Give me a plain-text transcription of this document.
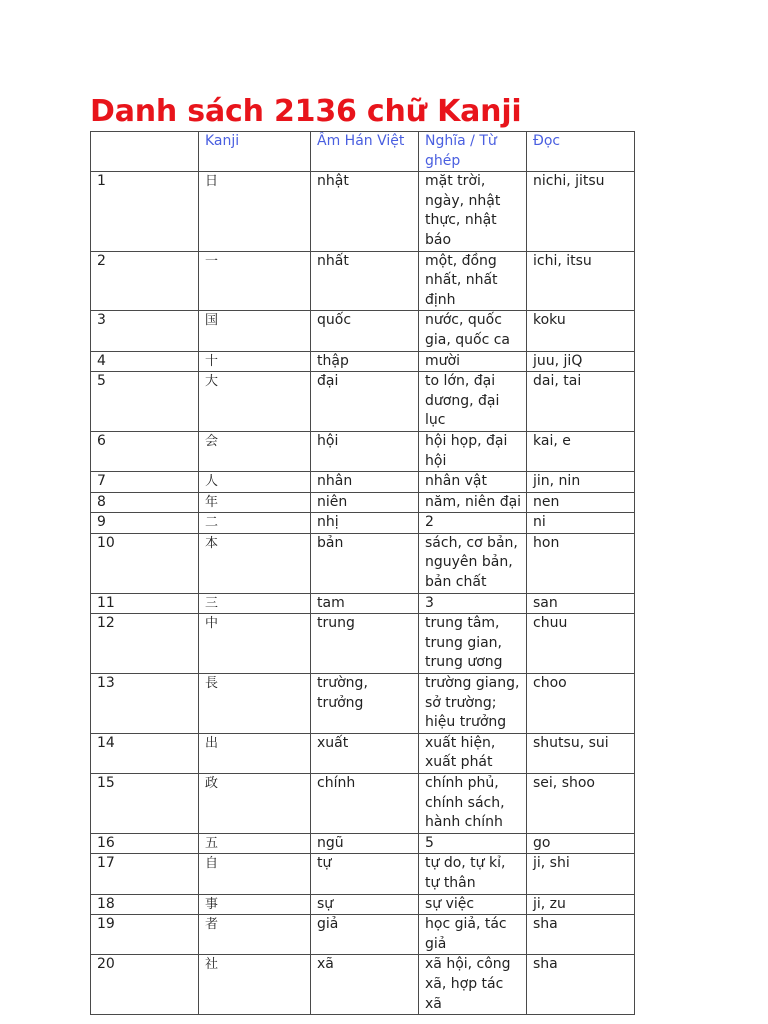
Danh sách 2136 chữ Kanji
	Kanji	Âm Hán Việt	Nghĩa / Từ ghép	Đọc
1	日	nhật	mặt trời, ngày, nhật thực, nhật báo	nichi, jitsu
2	一	nhất	một, đồng nhất, nhất định	ichi, itsu
3	国	quốc	nước, quốc gia, quốc ca	koku
4	十	thập	mười	juu, jiQ
5	大	đại	to lớn, đại dương, đại lục	dai, tai
6	会	hội	hội họp, đại hội	kai, e
7	人	nhân	nhân vật	jin, nin
8	年	niên	năm, niên đại	nen
9	二	nhị	2	ni
10	本	bản	sách, cơ bản, nguyên bản, bản chất	hon
11	三	tam	3	san
12	中	trung	trung tâm, trung gian, trung ương	chuu
13	長	trường, trưởng	trường giang, sở trường; hiệu trưởng	choo
14	出	xuất	xuất hiện, xuất phát	shutsu, sui
15	政	chính	chính phủ, chính sách, hành chính	sei, shoo
16	五	ngũ	5	go
17	自	tự	tự do, tự kỉ, tự thân	ji, shi
18	事	sự	sự việc	ji, zu
19	者	giả	học giả, tác giả	sha
20	社	xã	xã hội, công xã, hợp tác xã	sha
